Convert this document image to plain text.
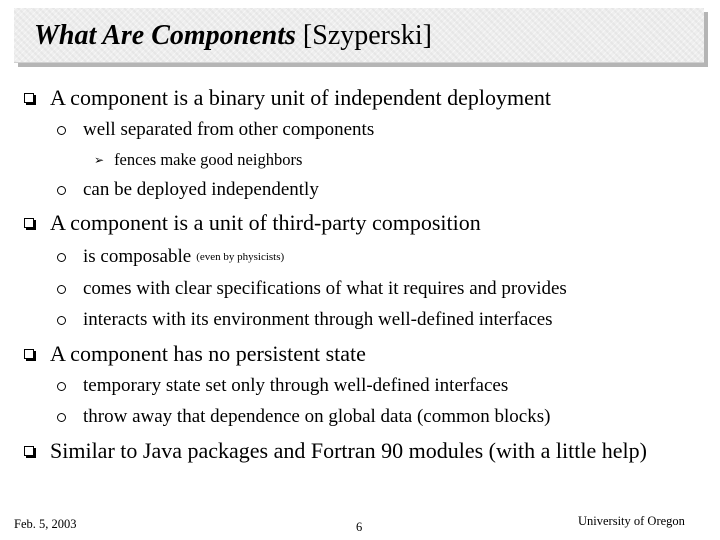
What Are Components [Szyperski]
A component is a binary unit of independent deployment
well separated from other components
➢ fences make good neighbors
can be deployed independently
A component is a unit of third-party composition
is composable (even by physicists)
comes with clear specifications of what it requires and provides
interacts with its environment through well-defined interfaces
A component has no persistent state
temporary state set only through well-defined interfaces
throw away that dependence on global data (common blocks)
Similar to Java packages and Fortran 90 modules (with a little help)
Feb. 5, 2003	6	University of Oregon
